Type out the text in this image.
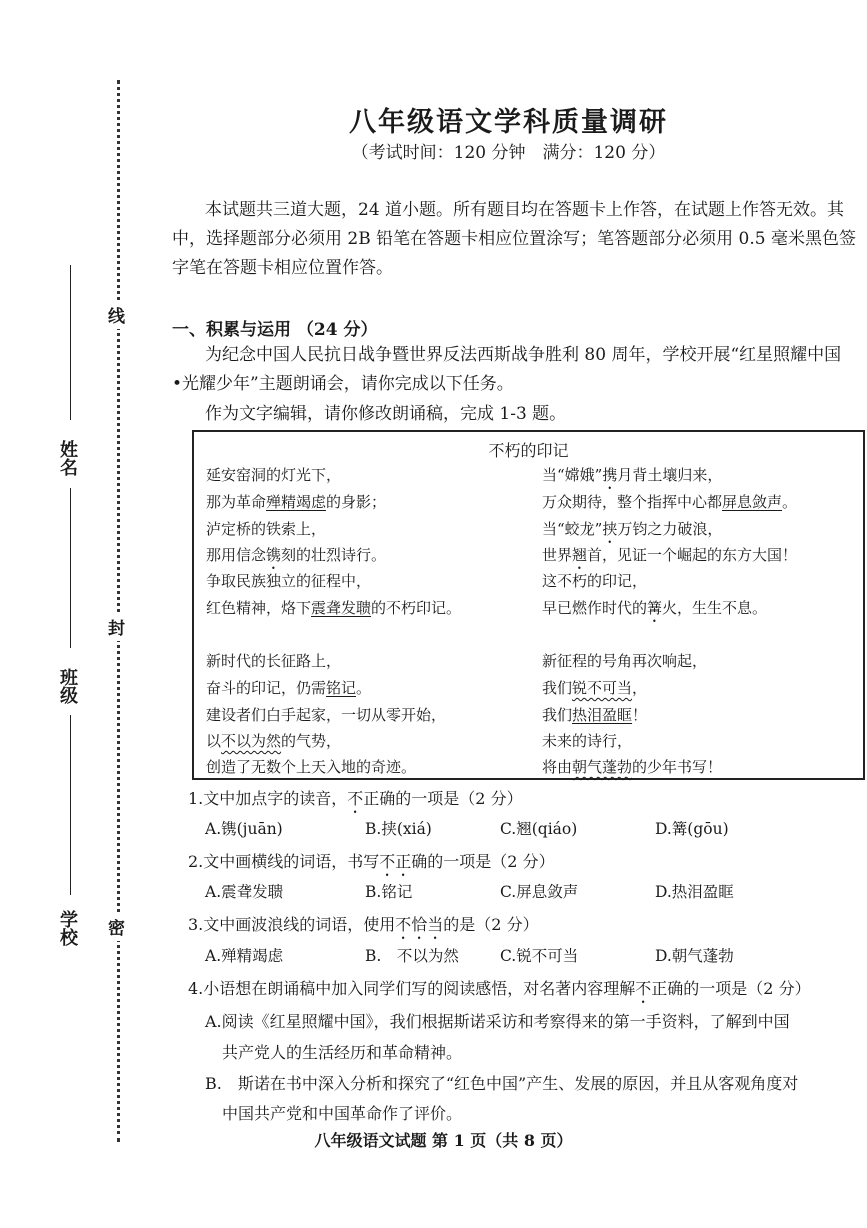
线
封
密
姓名
班级
学校
八年级语文学科质量调研
（考试时间：120 分钟　满分：120 分）
本试题共三道大题，24 道小题。所有题目均在答题卡上作答，在试题上作答无效。其
中，选择题部分必须用 2B 铅笔在答题卡相应位置涂写；笔答题部分必须用 0.5 毫米黑色签
字笔在答题卡相应位置作答。
一、积累与运用 （24 分）
为纪念中国人民抗日战争暨世界反法西斯战争胜利 80 周年，学校开展“红星照耀中国
•光耀少年”主题朗诵会，请你完成以下任务。
作为文字编辑，请你修改朗诵稿，完成 1-3 题。
不朽的印记
延安窑洞的灯光下，
那为革命殚精竭虑的身影；
泸定桥的铁索上，
那用信念镌刻的壮烈诗行。
争取民族独立的征程中，
红色精神，烙下震聋发聩的不朽印记。
新时代的长征路上，
奋斗的印记，仍需铭记。
建设者们白手起家，一切从零开始，
以不以为然的气势，
创造了无数个上天入地的奇迹。
当“嫦娥”携月背土壤归来，
万众期待，整个指挥中心都屏息敛声。
当“蛟龙”挟万钧之力破浪，
世界翘首，见证一个崛起的东方大国！
这不朽的印记，
早已燃作时代的篝火，生生不息。
新征程的号角再次响起，
我们锐不可当，
我们热泪盈眶！
未来的诗行，
将由朝气蓬勃的少年书写！
1.文中加点字的读音，不正确的一项是（2 分）
A.镌(juān)	B.挟(xiá)	C.翘(qiáo)	D.篝(gōu)
2.文中画横线的词语，书写不正确的一项是（2 分）
A.震聋发聩	B.铭记	C.屏息敛声	D.热泪盈眶
3.文中画波浪线的词语，使用不恰当的是（2 分）
A.殚精竭虑	B.　不以为然	C.锐不可当	D.朝气蓬勃
4.小语想在朗诵稿中加入同学们写的阅读感悟，对名著内容理解不正确的一项是（2 分）
A.阅读《红星照耀中国》，我们根据斯诺采访和考察得来的第一手资料，了解到中国
共产党人的生活经历和革命精神。
B.　斯诺在书中深入分析和探究了“红色中国”产生、发展的原因，并且从客观角度对
中国共产党和中国革命作了评价。
八年级语文试题 第 1 页（共 8 页）
